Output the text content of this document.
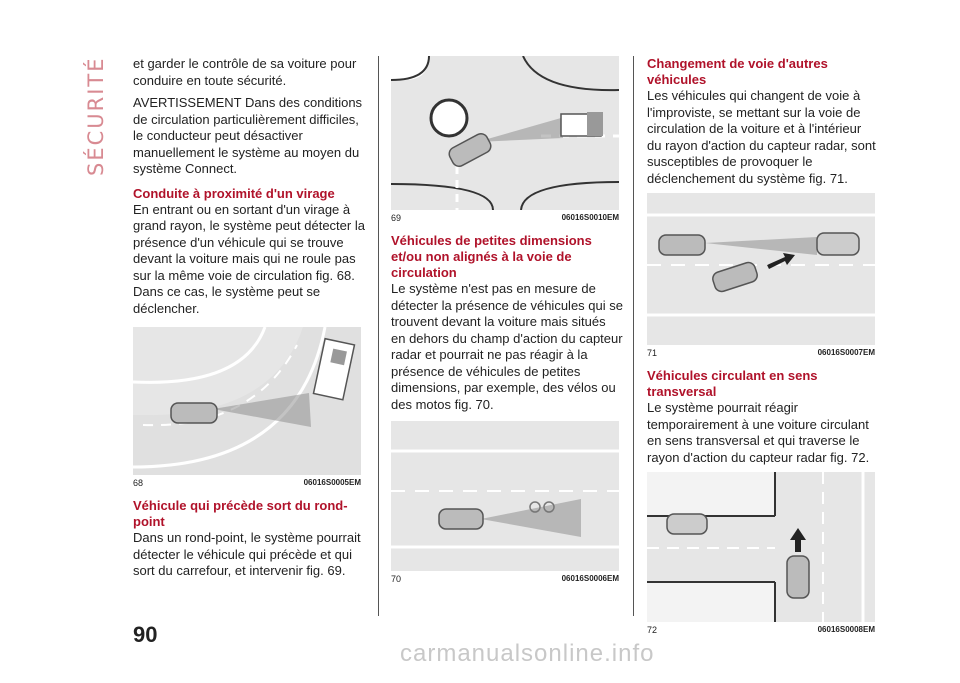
SÉCURITÉ	et garder le contrôle de sa voiture pour conduire en toute sécurité.

AVERTISSEMENT Dans des conditions de circulation particulièrement difficiles, le conducteur peut désactiver manuellement le système au moyen du système Connect.

Conduite à proximité d'un virage

En entrant ou en sortant d'un virage à grand rayon, le système peut détecter la présence d'un véhicule qui se trouve devant la voiture mais qui ne roule pas sur la même voie de circulation fig. 68. Dans ce cas, le système peut se déclencher.

68	06016S0005EM
Véhicule qui précède sort du rond-point

Dans un rond-point, le système pourrait détecter le véhicule qui précède et qui sort du carrefour, et intervenir fig. 69.

69	06016S0010EM
Véhicules de petites dimensions et/ou non alignés à la voie de circulation

Le système n'est pas en mesure de détecter la présence de véhicules qui se trouvent devant la voiture mais situés en dehors du champ d'action du capteur radar et pourrait ne pas réagir à la présence de véhicules de petites dimensions, par exemple, des vélos ou des motos fig. 70.

70	06016S0006EM
Changement de voie d'autres véhicules

Les véhicules qui changent de voie à l'improviste, se mettant sur la voie de circulation de la voiture et à l'intérieur du rayon d'action du capteur radar, sont susceptibles de provoquer le déclenchement du système fig. 71.

71	06016S0007EM
Véhicules circulant en sens transversal

Le système pourrait réagir temporairement à une voiture circulant en sens transversal et qui traverse le rayon d'action du capteur radar fig. 72.

72	06016S0008EM
90
carmanualsonline.info
